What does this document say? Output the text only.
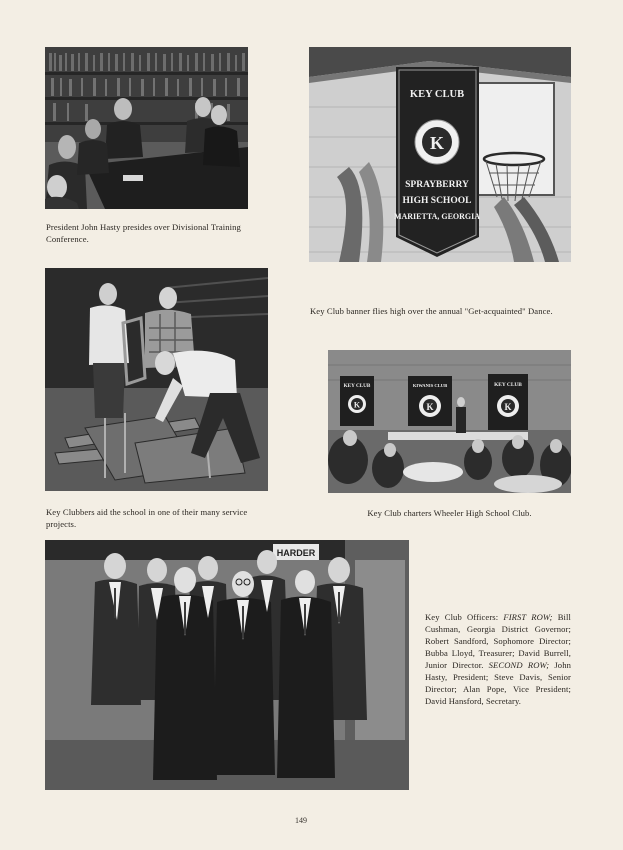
President John Hasty presides over Divisional Training Conference.
KEY CLUB
K
SPRAYBERRY
HIGH SCHOOL
MARIETTA, GEORGIA
Key Club banner flies high over the annual "Get-acquainted" Dance.
Key Clubbers aid the school in one of their many service projects.
KEY CLUB
K
KIWANIS CLUB
K
KEY CLUB
K
Key Club charters Wheeler High School Club.
HARDER
Key Club Officers: FIRST ROW; Bill Cushman, Georgia District Governor; Robert Sandford, Sophomore Director; Bubba Lloyd, Treasurer; David Burrell, Junior Director. SECOND ROW; John Hasty, President; Steve Davis, Senior Director; Alan Pope, Vice President; David Hansford, Secretary.
149
